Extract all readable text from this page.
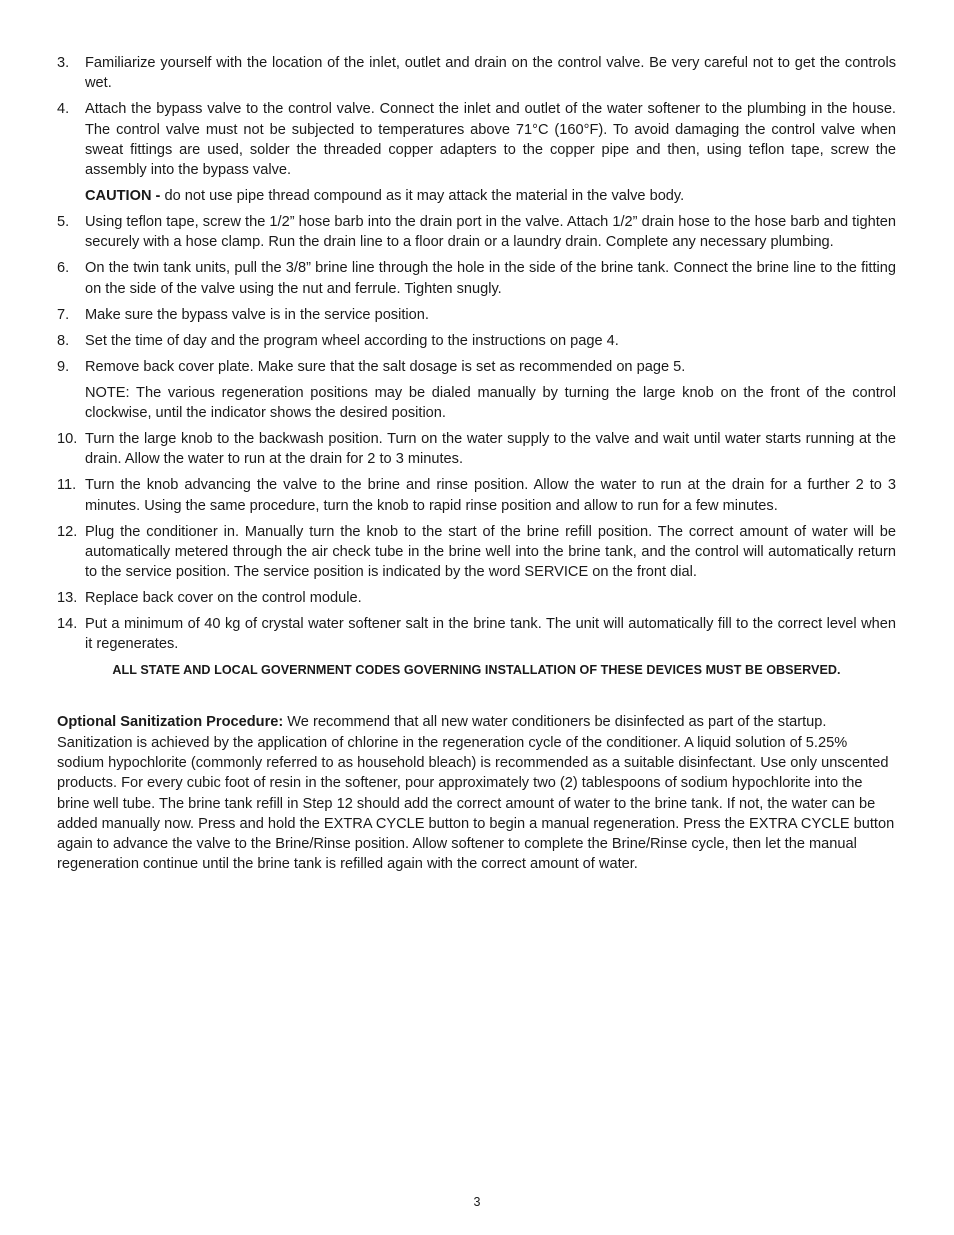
3.	Familiarize yourself with the location of the inlet, outlet and drain on the control valve. Be very careful not to get the controls wet.
4.	Attach the bypass valve to the control valve. Connect the inlet and outlet of the water softener to the plumbing in the house. The control valve must not be subjected to temperatures above 71°C (160°F). To avoid damaging the control valve when sweat fittings are used, solder the threaded copper adapters to the copper pipe and then, using teflon tape, screw the assembly into the bypass valve.
CAUTION - do not use pipe thread compound as it may attack the material in the valve body.
5.	Using teflon tape, screw the 1/2” hose barb into the drain port in the valve. Attach 1/2” drain hose to the hose barb and tighten securely with a hose clamp. Run the drain line to a floor drain or a laundry drain. Complete any necessary plumbing.
6.	On the twin tank units, pull the 3/8” brine line through the hole in the side of the brine tank. Connect the brine line to the fitting on the side of the valve using the nut and ferrule. Tighten snugly.
7.	Make sure the bypass valve is in the service position.
8.	Set the time of day and the program wheel according to the instructions on page 4.
9.	Remove back cover plate. Make sure that the salt dosage is set as recommended on page 5.
NOTE: The various regeneration positions may be dialed manually by turning the large knob on the front of the control clockwise, until the indicator shows the desired position.
10. Turn the large knob to the backwash position. Turn on the water supply to the valve and wait until water starts running at the drain. Allow the water to run at the drain for 2 to 3 minutes.
11. Turn the knob advancing the valve to the brine and rinse position. Allow the water to run at the drain for a further 2 to 3 minutes. Using the same procedure, turn the knob to rapid rinse position and allow to run for a few minutes.
12. Plug the conditioner in. Manually turn the knob to the start of the brine refill position. The correct amount of water will be automatically metered through the air check tube in the brine well into the brine tank, and the control will automatically return to the service position. The service position is indicated by the word SERVICE on the front dial.
13. Replace back cover on the control module.
14. Put a minimum of 40 kg of crystal water softener salt in the brine tank. The unit will automatically fill to the correct level when it regenerates.
ALL STATE AND LOCAL GOVERNMENT CODES GOVERNING INSTALLATION OF THESE DEVICES MUST BE OBSERVED.

Optional Sanitization Procedure: We recommend that all new water conditioners be disinfected as part of the startup. Sanitization is achieved by the application of chlorine in the regeneration cycle of the conditioner. A liquid solution of 5.25% sodium hypochlorite (commonly referred to as household bleach) is recommended as a suitable disinfectant. Use only unscented products. For every cubic foot of resin in the softener, pour approximately two (2) tablespoons of sodium hypochlorite into the brine well tube. The brine tank refill in Step 12 should add the correct amount of water to the brine tank. If not, the water can be added manually now. Press and hold the EXTRA CYCLE button to begin a manual regeneration. Press the EXTRA CYCLE button again to advance the valve to the Brine/Rinse position. Allow softener to complete the Brine/Rinse cycle, then let the manual regeneration continue until the brine tank is refilled again with the correct amount of water.

3
